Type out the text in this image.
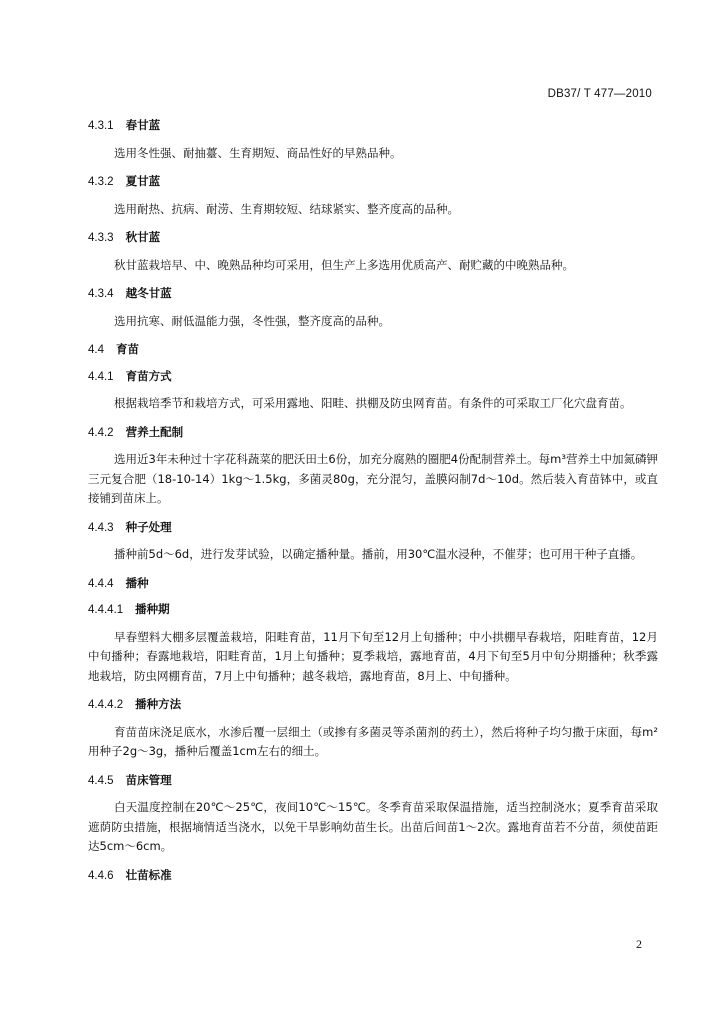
DB37/ T 477—2010
4.3.1 春甘蓝

选用冬性强、耐抽薹、生育期短、商品性好的早熟品种。

4.3.2 夏甘蓝

选用耐热、抗病、耐涝、生育期较短、结球紧实、整齐度高的品种。

4.3.3 秋甘蓝

秋甘蓝栽培早、中、晚熟品种均可采用，但生产上多选用优质高产、耐贮藏的中晚熟品种。

4.3.4 越冬甘蓝

选用抗寒、耐低温能力强，冬性强，整齐度高的品种。

4.4 育苗
4.4.1 育苗方式

根据栽培季节和栽培方式，可采用露地、阳畦、拱棚及防虫网育苗。有条件的可采取工厂化穴盘育苗。

4.4.2 营养土配制

选用近3年未种过十字花科蔬菜的肥沃田土6份，加充分腐熟的圈肥4份配制营养土。每m³营养土中加氮磷钾三元复合肥（18-10-14）1kg～1.5kg，多菌灵80g，充分混匀，盖膜闷制7d～10d。然后装入育苗钵中，或直接铺到苗床上。

4.4.3 种子处理

播种前5d～6d，进行发芽试验，以确定播种量。播前，用30℃温水浸种，不催芽；也可用干种子直播。

4.4.4 播种
4.4.4.1 播种期

早春塑料大棚多层覆盖栽培，阳畦育苗，11月下旬至12月上旬播种；中小拱棚早春栽培，阳畦育苗，12月中旬播种；春露地栽培，阳畦育苗，1月上旬播种；夏季栽培，露地育苗，4月下旬至5月中旬分期播种；秋季露地栽培，防虫网棚育苗，7月上中旬播种；越冬栽培，露地育苗，8月上、中旬播种。

4.4.4.2 播种方法

育苗苗床浇足底水，水渗后覆一层细土（或掺有多菌灵等杀菌剂的药土），然后将种子均匀撒于床面，每m²用种子2g～3g，播种后覆盖1cm左右的细土。

4.4.5 苗床管理

白天温度控制在20℃～25℃，夜间10℃～15℃。冬季育苗采取保温措施，适当控制浇水；夏季育苗采取遮荫防虫措施，根据墒情适当浇水，以免干旱影响幼苗生长。出苗后间苗1～2次。露地育苗若不分苗，须使苗距达5cm～6cm。

4.4.6 壮苗标准
2
